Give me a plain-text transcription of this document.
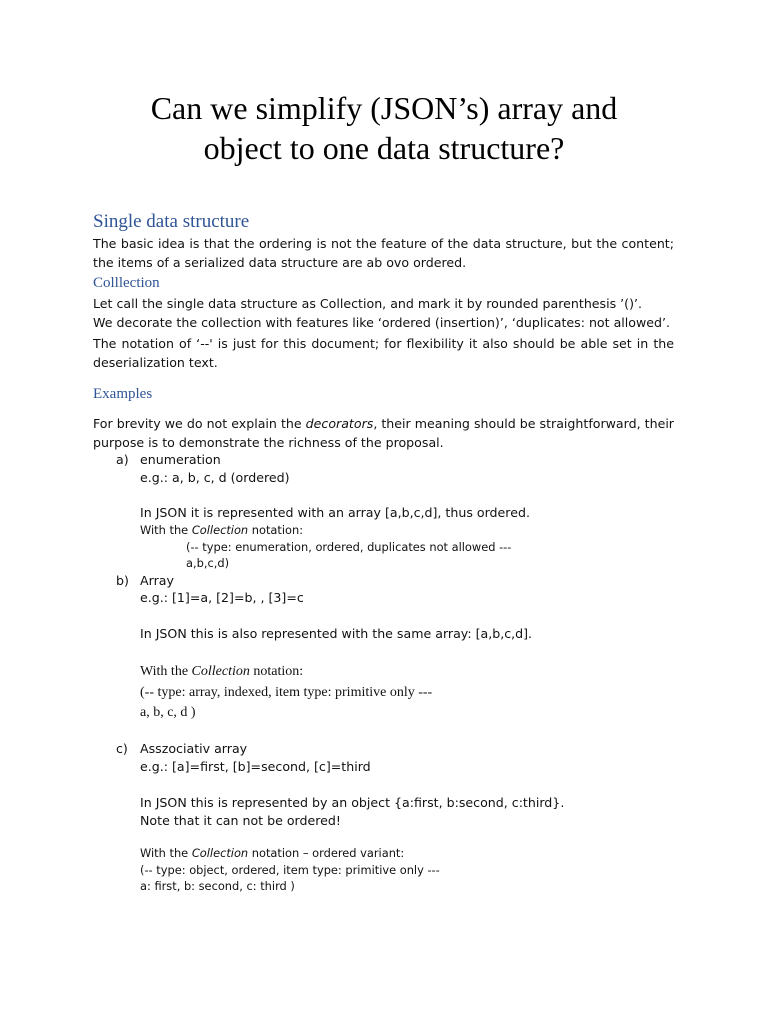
Can we simplify (JSON’s) array and
object to one data structure?
Single data structure

The basic idea is that the ordering is not the feature of the data structure, but the content; the items of a serialized data structure are ab ovo ordered.

Colllection

Let call the single data structure as Collection, and mark it by rounded parenthesis ’()’.

We decorate the collection with features like ‘ordered (insertion)’, ‘duplicates: not allowed’.

The notation of ‘--' is just for this document; for flexibility it also should be able set in the deserialization text.

Examples

For brevity we do not explain the decorators, their meaning should be straightforward, their purpose is to demonstrate the richness of the proposal.

a) enumeration

e.g.: a, b, c, d (ordered)

In JSON it is represented with an array [a,b,c,d], thus ordered.

With the Collection notation:

(-- type: enumeration, ordered, duplicates not allowed ---

a,b,c,d)

b) Array

e.g.: [1]=a, [2]=b, , [3]=c

In JSON this is also represented with the same array: [a,b,c,d].

With the Collection notation:

(-- type: array, indexed, item type: primitive only ---

a, b, c, d )

c) Asszociativ array

e.g.: [a]=first, [b]=second, [c]=third

In JSON this is represented by an object {a:first, b:second, c:third}.

Note that it can not be ordered!

With the Collection notation – ordered variant:

(-- type: object, ordered, item type: primitive only ---

a: first, b: second, c: third )
